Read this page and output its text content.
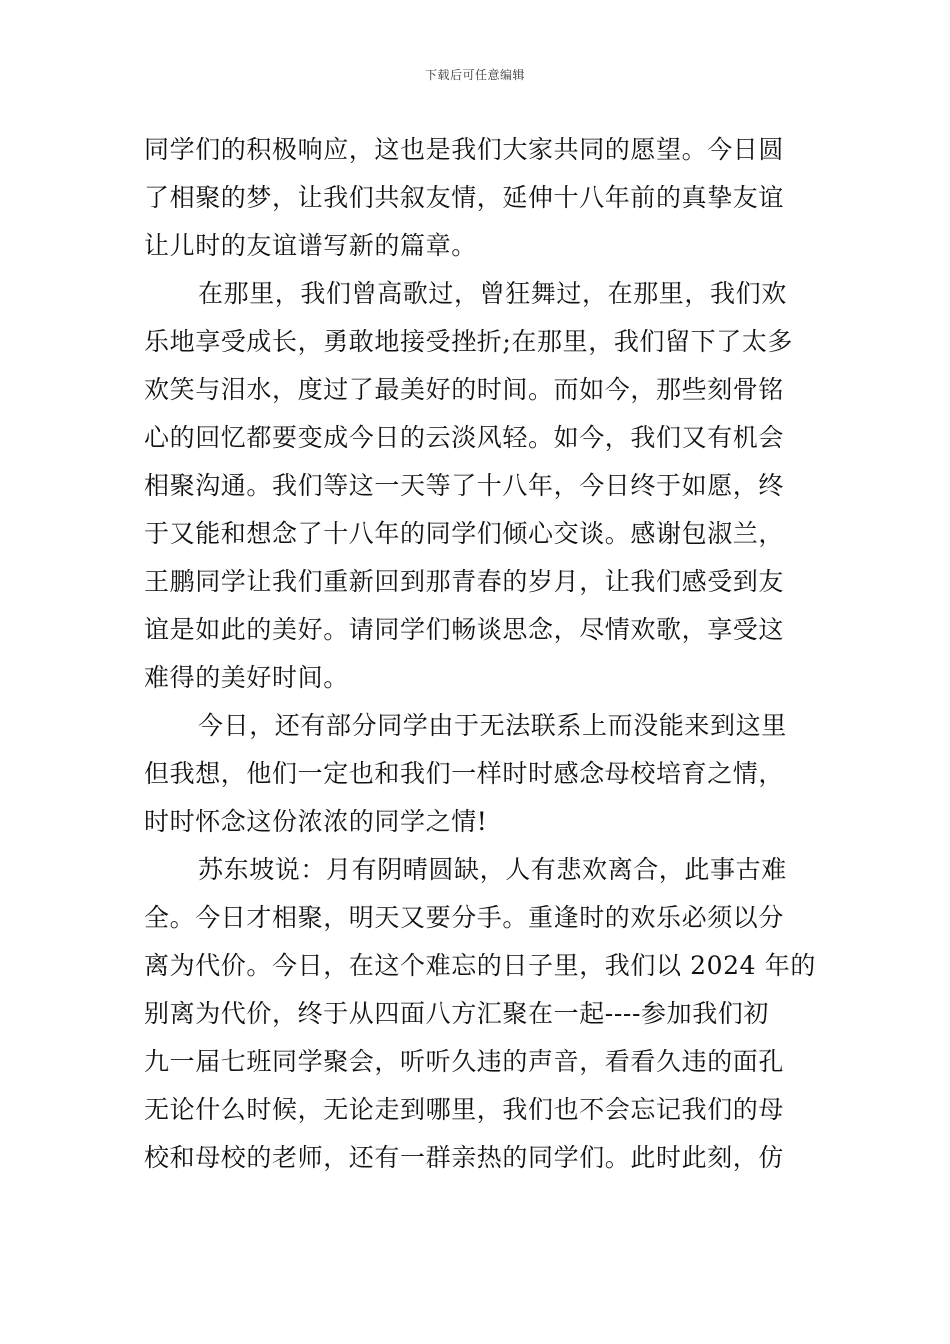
下载后可任意编辑
同学们的积极响应，这也是我们大家共同的愿望。今日圆
了相聚的梦，让我们共叙友情，延伸十八年前的真挚友谊
让儿时的友谊谱写新的篇章。
在那里，我们曾高歌过，曾狂舞过，在那里，我们欢
乐地享受成长，勇敢地接受挫折;在那里，我们留下了太多
欢笑与泪水，度过了最美好的时间。而如今，那些刻骨铭
心的回忆都要变成今日的云淡风轻。如今，我们又有机会
相聚沟通。我们等这一天等了十八年，今日终于如愿，终
于又能和想念了十八年的同学们倾心交谈。感谢包淑兰，
王鹏同学让我们重新回到那青春的岁月，让我们感受到友
谊是如此的美好。请同学们畅谈思念，尽情欢歌，享受这
难得的美好时间。
今日，还有部分同学由于无法联系上而没能来到这里
但我想，他们一定也和我们一样时时感念母校培育之情，
时时怀念这份浓浓的同学之情!
苏东坡说：月有阴晴圆缺，人有悲欢离合，此事古难
全。今日才相聚，明天又要分手。重逢时的欢乐必须以分
离为代价。今日，在这个难忘的日子里，我们以 2024 年的
别离为代价，终于从四面八方汇聚在一起----参加我们初
九一届七班同学聚会，听听久违的声音，看看久违的面孔
无论什么时候，无论走到哪里，我们也不会忘记我们的母
校和母校的老师，还有一群亲热的同学们。此时此刻，仿
